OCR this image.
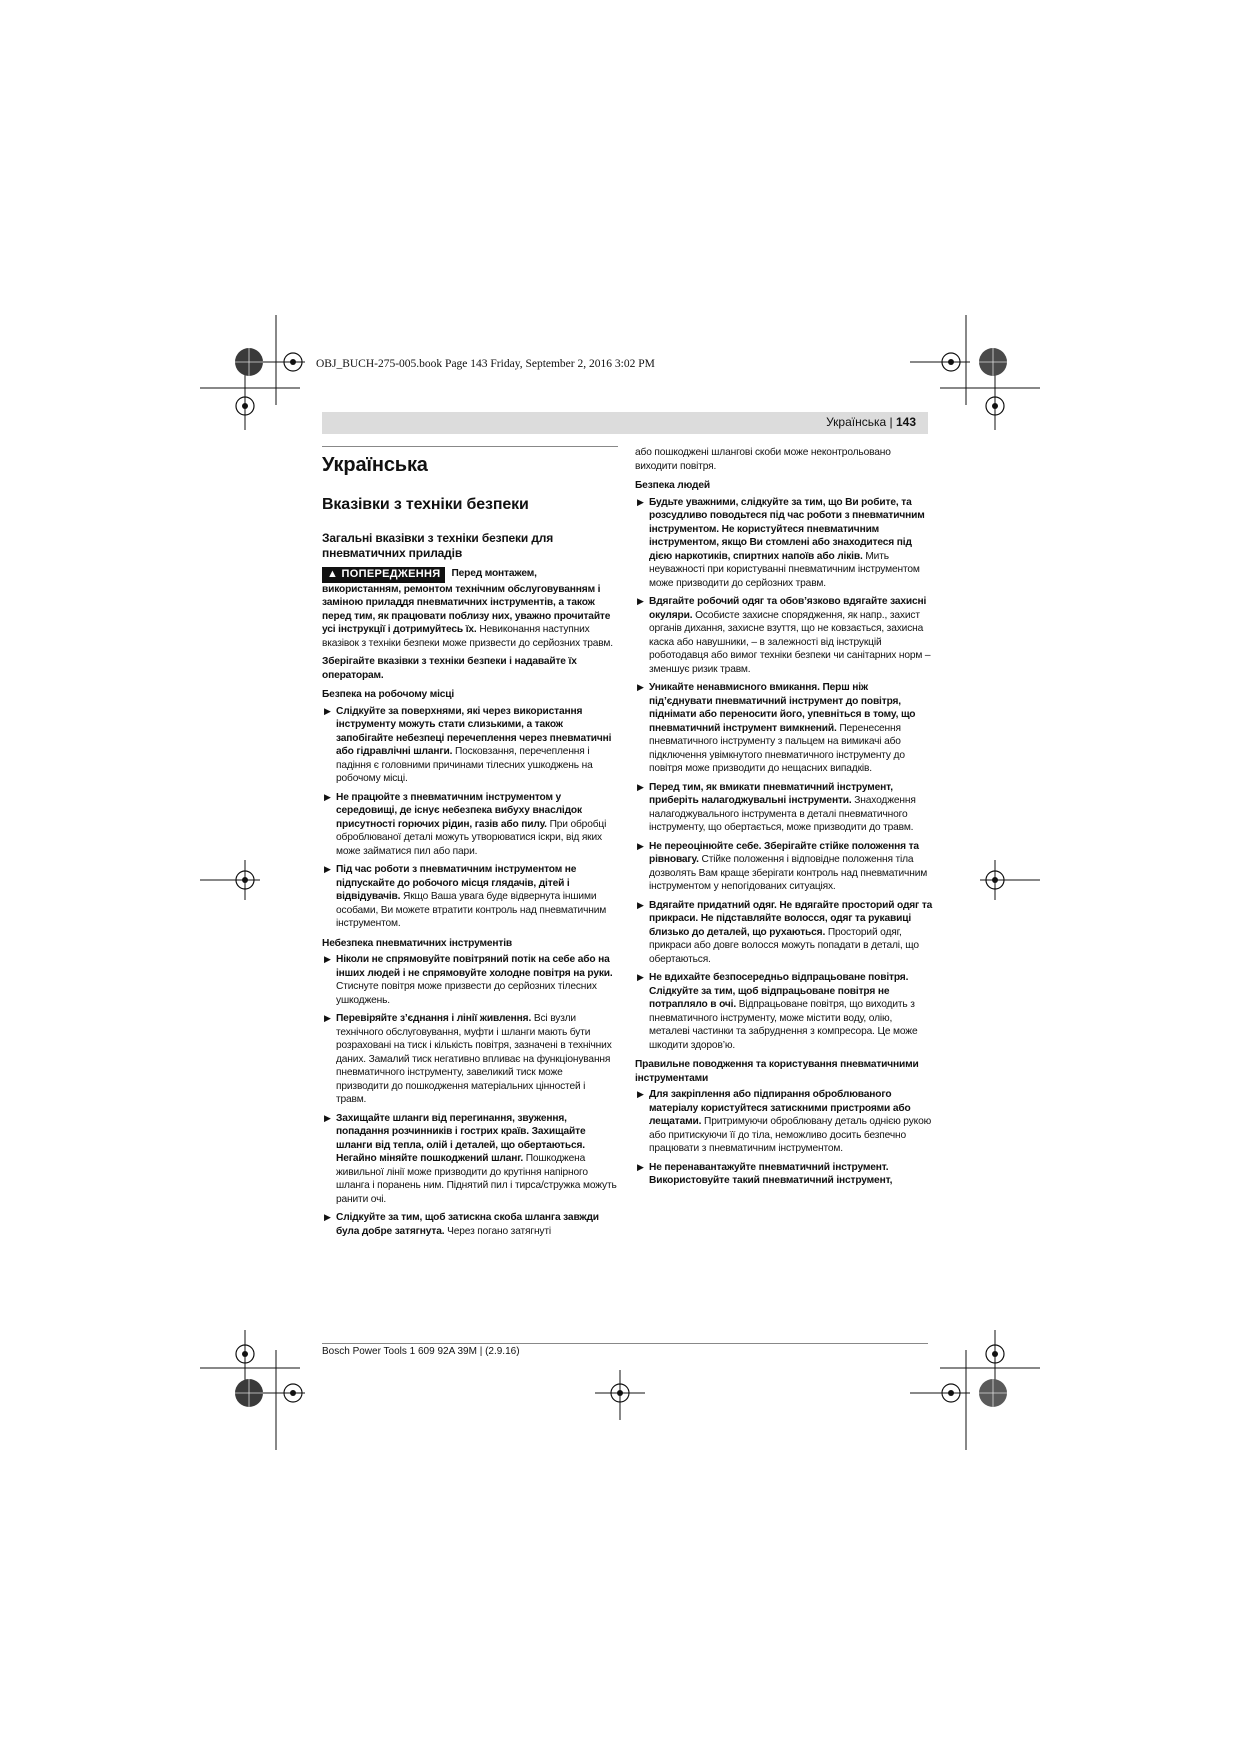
OBJ_BUCH-275-005.book Page 143 Friday, September 2, 2016 3:02 PM
Українська | 143
Українська
Вказівки з техніки безпеки
Загальні вказівки з техніки безпеки для пневматичних приладів

▲ ПОПЕРЕДЖЕННЯ Перед монтажем, використанням, ремонтом технічним обслуговуванням і заміною приладдя пневматичних інструментів, а також перед тим, як працювати поблизу них, уважно прочитайте усі інструкції і дотримуйтесь їх. Невиконання наступних вказівок з техніки безпеки може призвести до серйозних травм.

Зберігайте вказівки з техніки безпеки і надавайте їх операторам.

Безпека на робочому місці
▶ Слідкуйте за поверхнями, які через використання інструменту можуть стати слизькими, а також запобігайте небезпеці перечеплення через пневматичні або гідравлічні шланги. Посковзання, перечеплення і падіння є головними причинами тілесних ушкоджень на робочому місці.
▶ Не працюйте з пневматичним інструментом у середовищі, де існує небезпека вибуху внаслідок присутності горючих рідин, газів або пилу. При обробці оброблюваної деталі можуть утворюватися іскри, від яких може займатися пил або пари.
▶ Під час роботи з пневматичним інструментом не підпускайте до робочого місця глядачів, дітей і відвідувачів. Якщо Ваша увага буде відвернута іншими особами, Ви можете втратити контроль над пневматичним інструментом.
Небезпека пневматичних інструментів
▶ Ніколи не спрямовуйте повітряний потік на себе або на інших людей і не спрямовуйте холодне повітря на руки. Стиснуте повітря може призвести до серйозних тілесних ушкоджень.
▶ Перевіряйте з’єднання і лінії живлення. Всі вузли технічного обслуговування, муфти і шланги мають бути розраховані на тиск і кількість повітря, зазначені в технічних даних. Замалий тиск негативно впливає на функціонування пневматичного інструменту, завеликий тиск може призводити до пошкодження матеріальних цінностей і травм.
▶ Захищайте шланги від перегинання, звуження, попадання розчинників і гострих країв. Захищайте шланги від тепла, олій і деталей, що обертаються. Негайно міняйте пошкоджений шланг. Пошкоджена живильної лінії може призводити до крутіння напірного шланга і поранень ним. Піднятий пил і тирса/стружка можуть ранити очі.
▶ Слідкуйте за тим, щоб затискна скоба шланга завжди була добре затягнута. Через погано затягнуті

або пошкоджені шлангові скоби може неконтрольовано виходити повітря.

Безпека людей
▶ Будьте уважними, слідкуйте за тим, що Ви робите, та розсудливо поводьтеся під час роботи з пневматичним інструментом. Не користуйтеся пневматичним інструментом, якщо Ви стомлені або знаходитеся під дією наркотиків, спиртних напоїв або ліків. Мить неуважності при користуванні пневматичним інструментом може призводити до серйозних травм.
▶ Вдягайте робочий одяг та обов’язково вдягайте захисні окуляри. Особисте захисне спорядження, як напр., захист органів дихання, захисне взуття, що не ковзається, захисна каска або навушники, – в залежності від інструкцій роботодавця або вимог техніки безпеки чи санітарних норм – зменшує ризик травм.
▶ Уникайте ненавмисного вмикання. Перш ніж під’єднувати пневматичний інструмент до повітря, піднімати або переносити його, упевніться в тому, що пневматичний інструмент вимкнений. Перенесення пневматичного інструменту з пальцем на вимикачі або підключення увімкнутого пневматичного інструменту до повітря може призводити до нещасних випадків.
▶ Перед тим, як вмикати пневматичний інструмент, приберіть налагоджувальні інструменти. Знаходження налагоджувального інструмента в деталі пневматичного інструменту, що обертається, може призводити до травм.
▶ Не переоцінюйте себе. Зберігайте стійке положення та рівновагу. Стійке положення і відповідне положення тіла дозволять Вам краще зберігати контроль над пневматичним інструментом у непогідованих ситуаціях.
▶ Вдягайте придатний одяг. Не вдягайте просторий одяг та прикраси. Не підставляйте волосся, одяг та рукавиці близько до деталей, що рухаються. Просторий одяг, прикраси або довге волосся можуть попадати в деталі, що обертаються.
▶ Не вдихайте безпосередньо відпрацьоване повітря. Слідкуйте за тим, щоб відпрацьоване повітря не потрапляло в очі. Відпрацьоване повітря, що виходить з пневматичного інструменту, може містити воду, олію, металеві частинки та забруднення з компресора. Це може шкодити здоров’ю.
Правильне поводження та користування пневматичними інструментами
▶ Для закріплення або підпирання оброблюваного матеріалу користуйтеся затискними пристроями або лещатами. Притримуючи оброблювану деталь однією рукою або притискуючи її до тіла, неможливо досить безпечно працювати з пневматичним інструментом.
▶ Не перенавантажуйте пневматичний інструмент. Використовуйте такий пневматичний інструмент,
Bosch Power Tools 1 609 92A 39M | (2.9.16)
